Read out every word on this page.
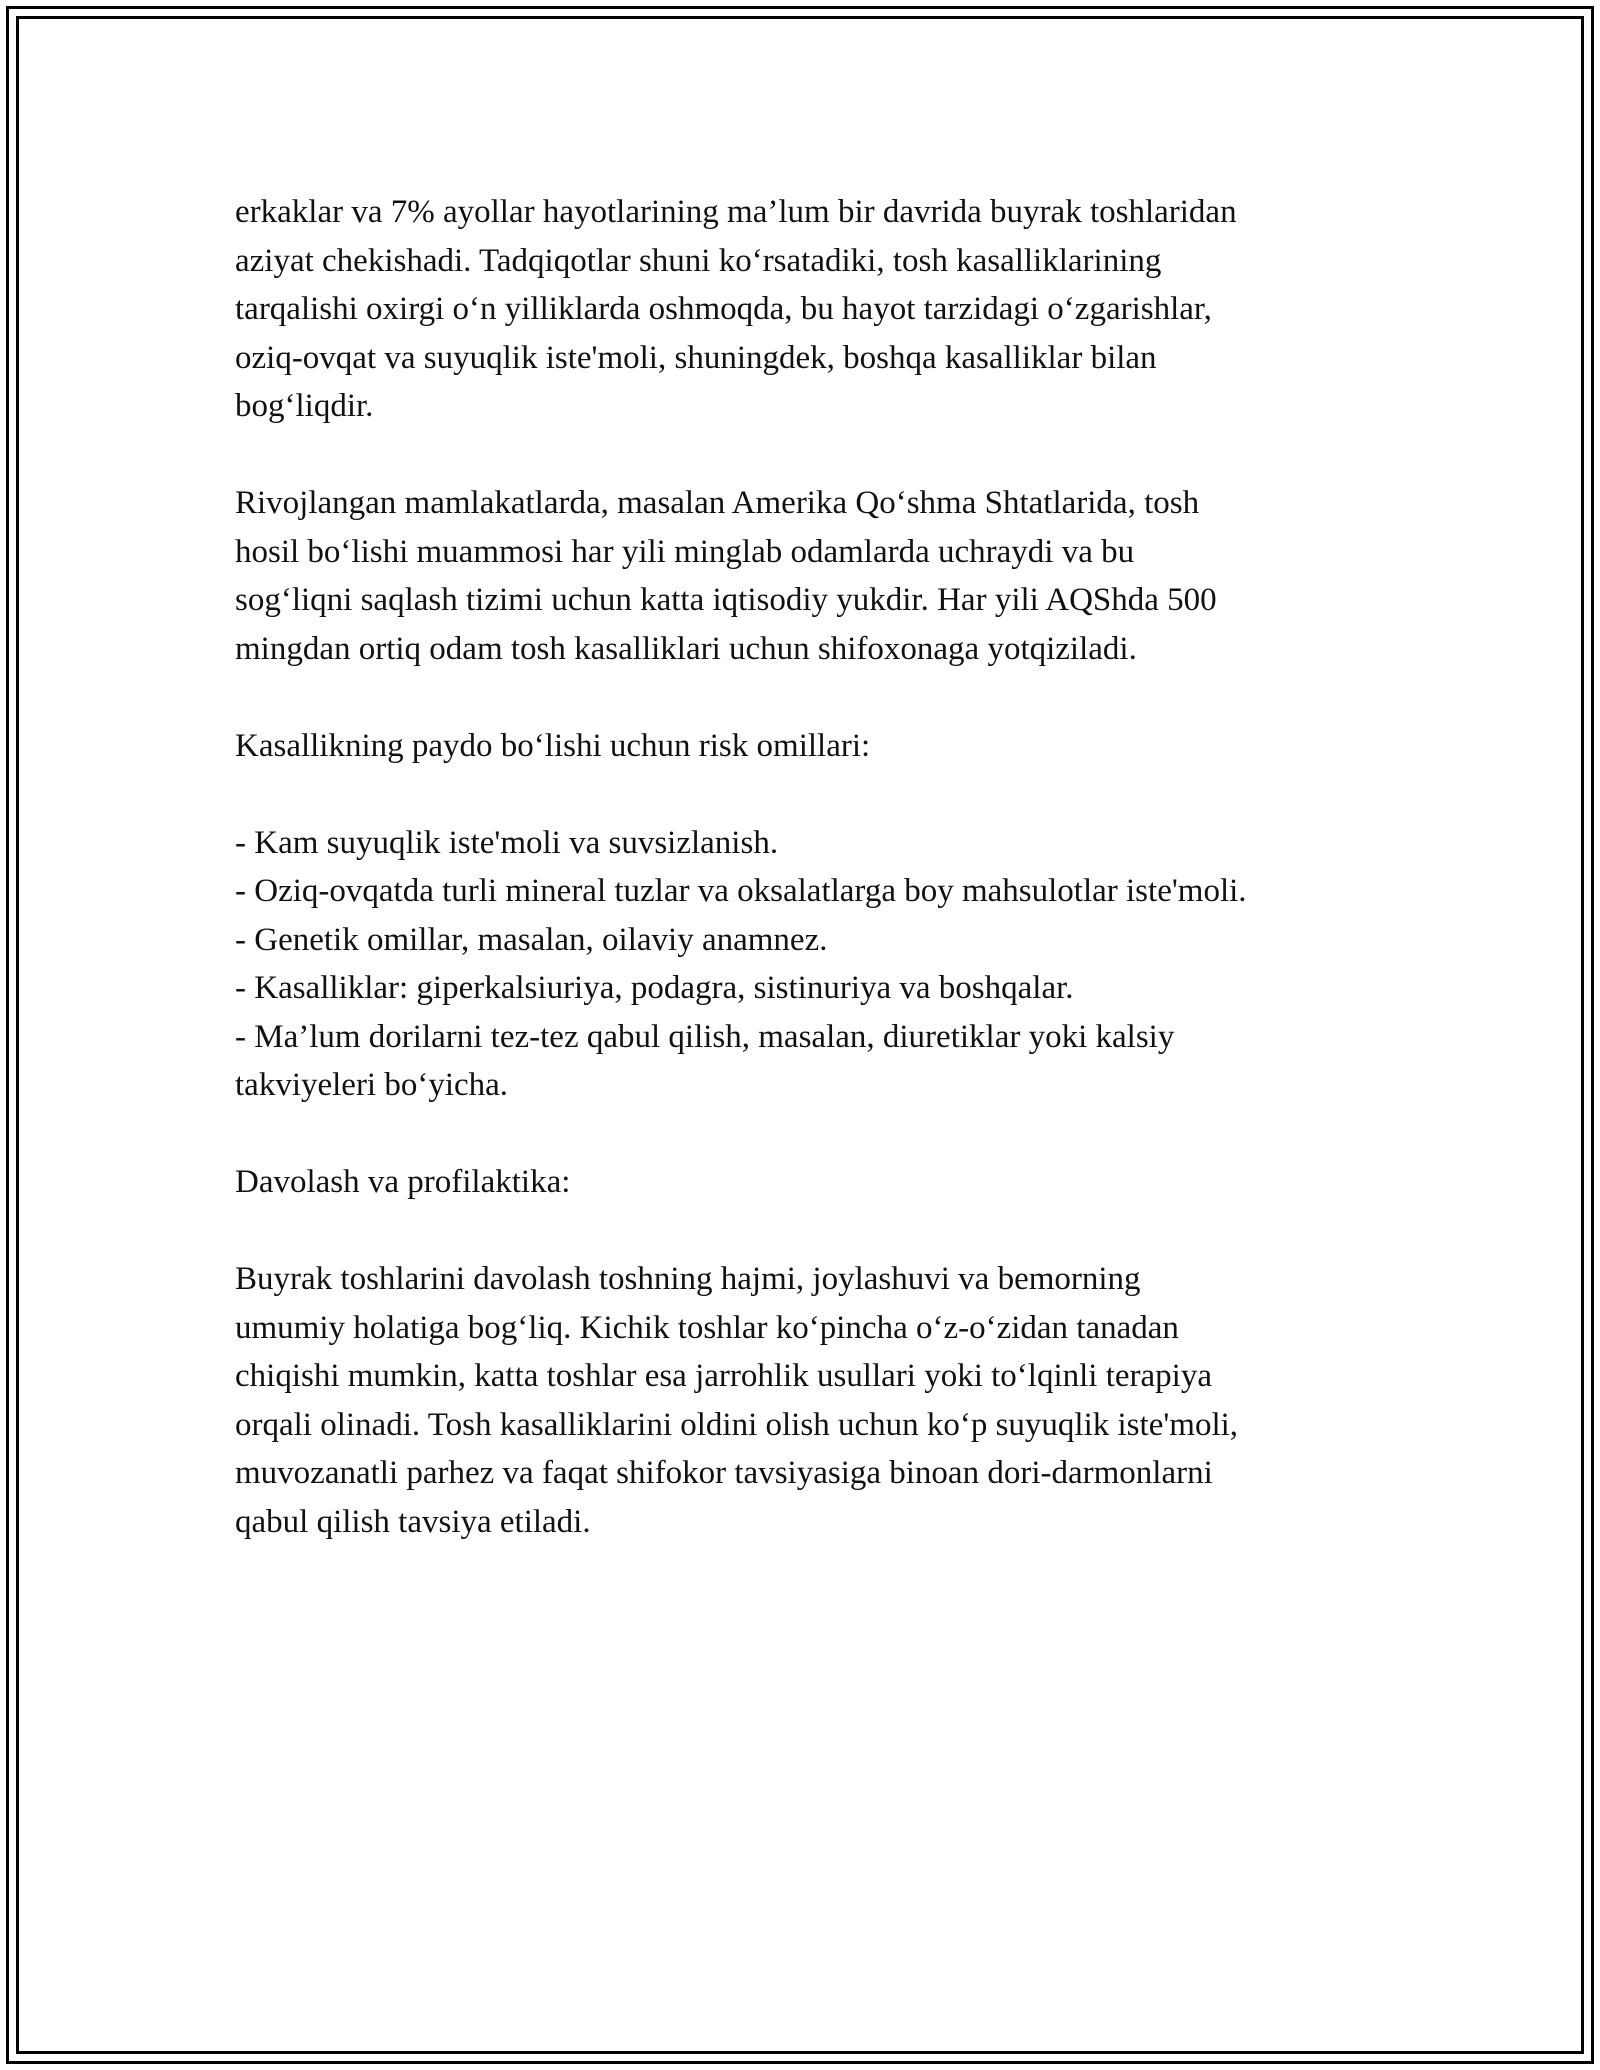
erkaklar va 7% ayollar hayotlarining ma’lum bir davrida buyrak toshlaridan
aziyat chekishadi. Tadqiqotlar shuni ko‘rsatadiki, tosh kasalliklarining
tarqalishi oxirgi o‘n yilliklarda oshmoqda, bu hayot tarzidagi o‘zgarishlar,
oziq-ovqat va suyuqlik iste'moli, shuningdek, boshqa kasalliklar bilan
bog‘liqdir.
Rivojlangan mamlakatlarda, masalan Amerika Qo‘shma Shtatlarida, tosh
hosil bo‘lishi muammosi har yili minglab odamlarda uchraydi va bu
sog‘liqni saqlash tizimi uchun katta iqtisodiy yukdir. Har yili AQShda 500
mingdan ortiq odam tosh kasalliklari uchun shifoxonaga yotqiziladi.
Kasallikning paydo bo‘lishi uchun risk omillari:
- Kam suyuqlik iste'moli va suvsizlanish.
- Oziq-ovqatda turli mineral tuzlar va oksalatlarga boy mahsulotlar iste'moli.
- Genetik omillar, masalan, oilaviy anamnez.
- Kasalliklar: giperkalsiuriya, podagra, sistinuriya va boshqalar.
- Ma’lum dorilarni tez-tez qabul qilish, masalan, diuretiklar yoki kalsiy
takviyeleri bo‘yicha.
Davolash va profilaktika:
Buyrak toshlarini davolash toshning hajmi, joylashuvi va bemorning
umumiy holatiga bog‘liq. Kichik toshlar ko‘pincha o‘z-o‘zidan tanadan
chiqishi mumkin, katta toshlar esa jarrohlik usullari yoki to‘lqinli terapiya
orqali olinadi. Tosh kasalliklarini oldini olish uchun ko‘p suyuqlik iste'moli,
muvozanatli parhez va faqat shifokor tavsiyasiga binoan dori-darmonlarni
qabul qilish tavsiya etiladi.
